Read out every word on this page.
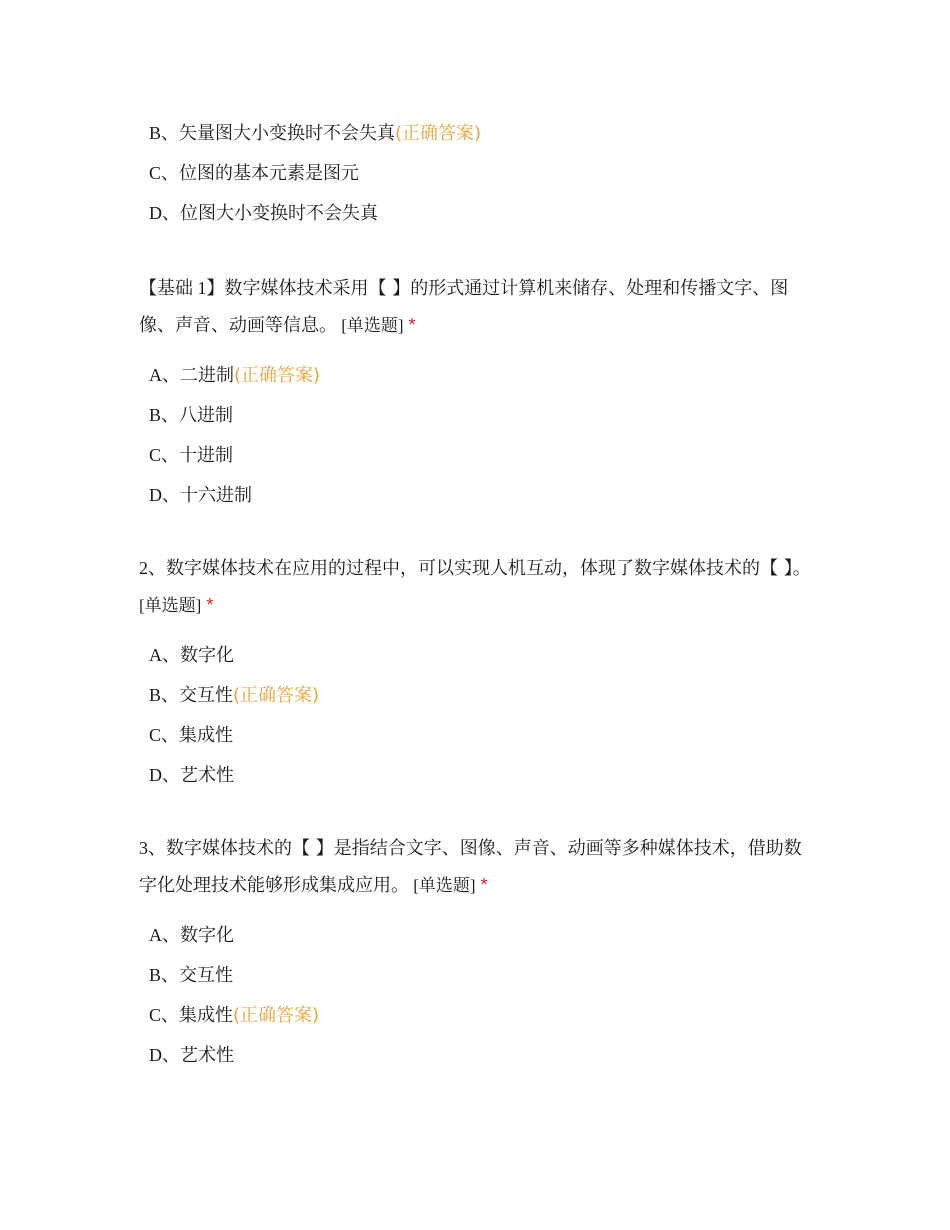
B、矢量图大小变换时不会失真(正确答案)
C、位图的基本元素是图元
D、位图大小变换时不会失真
【基础 1】数字媒体技术采用【 】的形式通过计算机来储存、处理和传播文字、图像、声音、动画等信息。 [单选题] *
A、二进制(正确答案)
B、八进制
C、十进制
D、十六进制
2、数字媒体技术在应用的过程中，可以实现人机互动，体现了数字媒体技术的【 】。 [单选题] *
A、数字化
B、交互性(正确答案)
C、集成性
D、艺术性
3、数字媒体技术的【 】是指结合文字、图像、声音、动画等多种媒体技术，借助数字化处理技术能够形成集成应用。 [单选题] *
A、数字化
B、交互性
C、集成性(正确答案)
D、艺术性
